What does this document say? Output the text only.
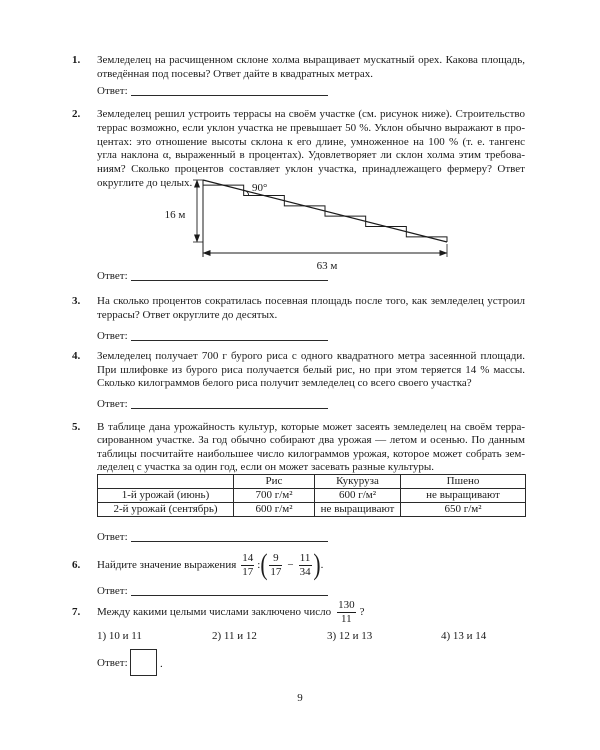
1. Земледелец на расчищенном склоне холма выращивает мускатный орех. Какова площадь,
отведённая под посевы? Ответ дайте в квадратных метрах.
Ответ:
2. Земледелец решил устроить террасы на своём участке (см. рисунок ниже). Строительство
террас возможно, если уклон участка не превышает 50 %. Уклон обычно выражают в про-
центах: это отношение высоты склона к его длине, умноженное на 100 % (т. е. тангенс
угла наклона α, выраженный в процентах). Удовлетворяет ли склон холма этим требова-
ниям? Сколько процентов составляет уклон участка, принадлежащего фермеру? Ответ
округлите до целых.	90°
16 м
63 м
Ответ:
3. На сколько процентов сократилась посевная площадь после того, как земледелец устроил
террасы? Ответ округлите до десятых.
Ответ:
4. Земледелец получает 700 г бурого риса с одного квадратного метра засеянной площади.
При шлифовке из бурого риса получается белый рис, но при этом теряется 14 % массы.
Сколько килограммов белого риса получит земледелец со всего своего участка?
Ответ:
5. В таблице дана урожайность культур, которые может засеять земледелец на своём терра-
сированном участке. За год обычно собирают два урожая — летом и осенью. По данным
таблицы посчитайте наибольшее число килограммов урожая, которое может собрать зем-
леделец с участка за один год, если он может засевать разные культуры.
	Рис	Кукуруза	Пшено
1-й урожай (июнь)	700 г/м²	600 г/м²	не выращивают
2-й урожай (сентябрь)	600 г/м²	не выращивают	650 г/м²
Ответ:
6. Найдите значение выражения $\frac{14}{17}$ : ( $\frac{9}{17} - \frac{11}{34}$ ) .
Ответ:
7. Между какими целыми числами заключено число $\frac{130}{11}$ ?
1) 10 и 11	2) 11 и 12	3) 12 и 13	4) 13 и 14
Ответ:	.
9
